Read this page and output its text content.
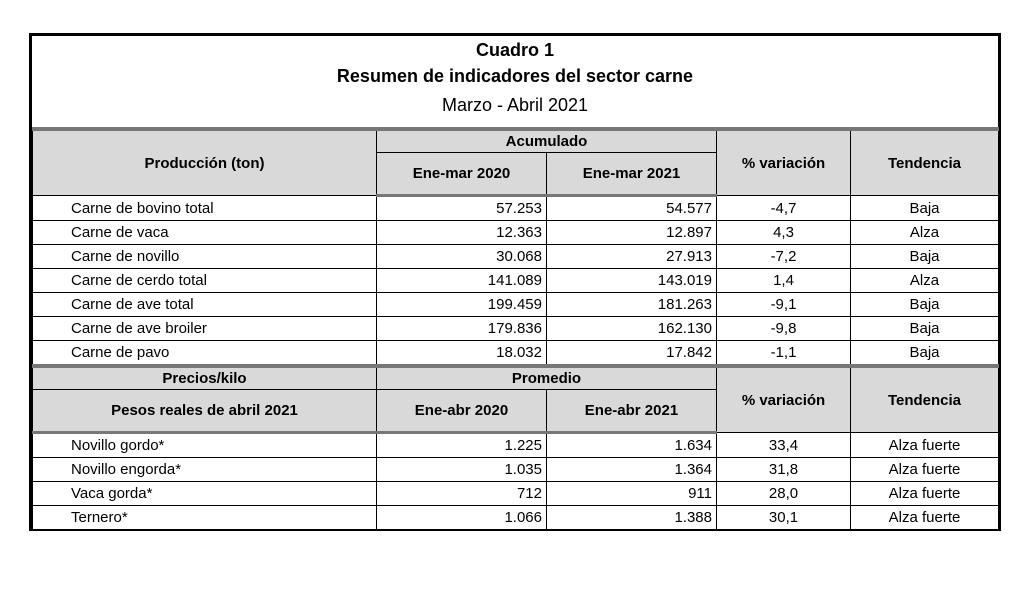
Cuadro 1
Resumen de indicadores del sector carne
Marzo - Abril 2021
Producción (ton)	Acumulado		% variación	Tendencia
	Ene-mar 2020	Ene-mar 2021		
Carne de bovino total	57.253	54.577	-4,7	Baja
Carne de vaca	12.363	12.897	4,3	Alza
Carne de novillo	30.068	27.913	-7,2	Baja
Carne de cerdo total	141.089	143.019	1,4	Alza
Carne de ave total	199.459	181.263	-9,1	Baja
Carne de ave broiler	179.836	162.130	-9,8	Baja
Carne de pavo	18.032	17.842	-1,1	Baja
Precios/kilo	Promedio		% variación	Tendencia
Pesos reales de abril 2021	Ene-abr 2020	Ene-abr 2021		
Novillo gordo*	1.225	1.634	33,4	Alza fuerte
Novillo engorda*	1.035	1.364	31,8	Alza fuerte
Vaca gorda*	712	911	28,0	Alza fuerte
Ternero*	1.066	1.388	30,1	Alza fuerte
